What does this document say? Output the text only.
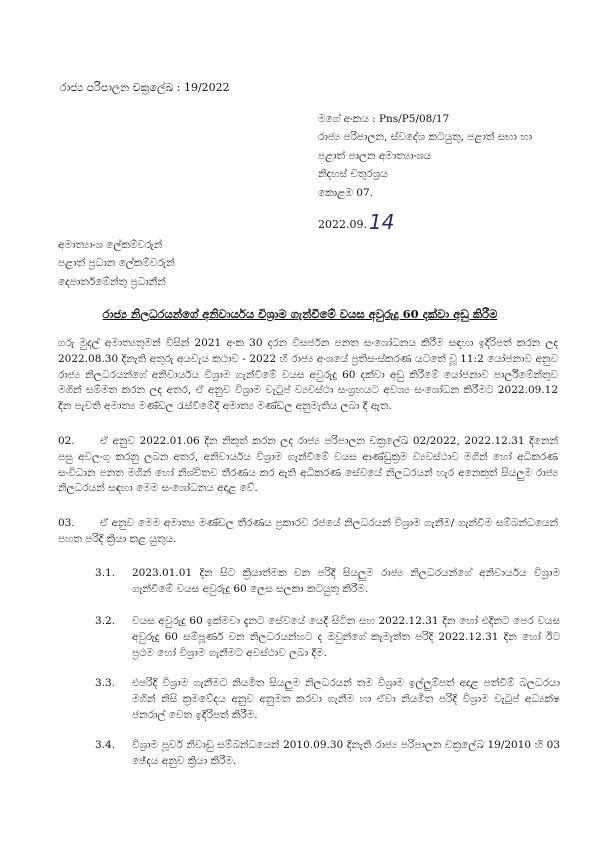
රාජ්‍ය පරිපාලන චක්‍රලේඛ : 19/2022
මගේ අංකය : Pns/P5/08/17
රාජ්‍ය පරිපාලන, ස්වදේශ කටයුතු, පළාත් සභා හා
පළාත් පාලන අමාත්‍යාංශය
නිදහස් චතුරශ්‍රය
කොළඹ 07.
2022.09. 14
අමාත්‍යාංශ ලේකම්වරුන්
පළාත් ප්‍රධාන ලේකම්වරුන්
දෙපාර්තමේන්තු ප්‍රධානීන්
රාජ්‍ය නිලධරයන්ගේ අනිවාර්යය විශ්‍රාම ගැන්වීමේ වයස අවුරුදු 60 දක්වා අඩු කිරීම
ගරු මුදල් අමාත්‍යතුමන් විසින් 2021 අංක 30 දරන විසර්ජන පනත සංශෝධනය කිරීම සඳහා ඉදිරිපත් කරන ලද 2022.08.30 දිනැති අතුරු අයවැය කථාව - 2022 හි රාජ්‍ය අංශයේ ප්‍රතිසංස්කරණ යටතේ වූ 11:2 යෝජනාව අනුව රාජ්‍ය නිලධරයන්ගේ අනිවාර්යය විශ්‍රාම ගැන්වීමේ වයස අවුරුදු 60 දක්වා අඩු කිරීමේ යෝජනාව පාර්ලිමේන්තුව මගින් සම්මත කරන ලද අතර, ඒ අනුව විශ්‍රාම වැටුප් ව්‍යවස්ථා සංග්‍රහයට අවශ්‍ය සංශෝධන කිරීමට 2022.09.12 දින පැවති අමාත්‍ය මණ්ඩල රැස්වීමේදී අමාත්‍ය මණ්ඩල අනුමැතිය ලබා දී ඇත.
02. ඒ අනුව 2022.01.06 දින නිකුත් කරන ලද රාජ්‍ය පරිපාලන චක්‍රලේඛ 02/2022, 2022.12.31 දිනෙන් පසු අවලංගු කරනු ලබන අතර, අනිවාර්යය විශ්‍රාම ගැන්වීමේ වයස ආණ්ඩුක්‍රම ව්‍යවස්ථාව මගින් හෝ අධිකරණ සංවිධාන පනත මගින් හෝ නිශ්චිතව තීරණය කර ඇති අධිකරණ සේවයේ නිලධරයන් හැර අනෙකුත් සියලුම රාජ්‍ය නිලධරයන් සඳහා මෙම සංශෝධනය අදාළ වේ.
03. ඒ අනුව මෙම අමාත්‍ය මණ්ඩල තීරණය ප්‍රකාරව රජයේ නිලධරයන් විශ්‍රාම ගැනීම/ ගැන්වීම සම්බන්ධයෙන් පහත පරිදි ක්‍රියා කළ යුතුය.
3.1.	2023.01.01 දින සිට ක්‍රියාත්මක වන පරිදි සියලුම රාජ්‍ය නිලධරයන්ගේ අනිවාර්යය විශ්‍රාම ගැන්වීමේ වයස අවුරුදු 60 ලෙස සලකා කටයුතු කිරීම.
3.2.	වයස අවුරුදු 60 ඉක්මවා දැනට සේවයේ යෙදී සිටින සහ 2022.12.31 දින හෝ එදිනට පෙර වයස අවුරුදු 60 සම්පූර්ණ වන නිලධරයන්හට ද ඔවුන්ගේ කැමැත්ත පරිදි 2022.12.31 දින හෝ ඊට ප්‍රථම හෝ විශ්‍රාම ගැනීමට අවස්ථාව ලබා දීම.
3.3.	එපරිදි විශ්‍රාම ගැනීමට නියමිත සියලුම නිලධරයන් තම විශ්‍රාම ඉල්ලුම්පත් අදාළ පත්වීම් බලධරයා මගින් නිසි ක්‍රමවේදය අනුව අනුමත කරවා ගැනීම හා ඒවා නියමිත පරිදි විශ්‍රාම වැටුප් අධ්‍යක්ෂ ජනරාල් වෙත ඉදිරිපත් කිරීම.
3.4.	විශ්‍රාම පූර්ව නිවාඩු සම්බන්ධයෙන් 2010.09.30 දිනැති රාජ්‍ය පරිපාලන චක්‍රලේඛ 19/2010 හි 03 ඡේදය අනුව ක්‍රියා කිරීම.
